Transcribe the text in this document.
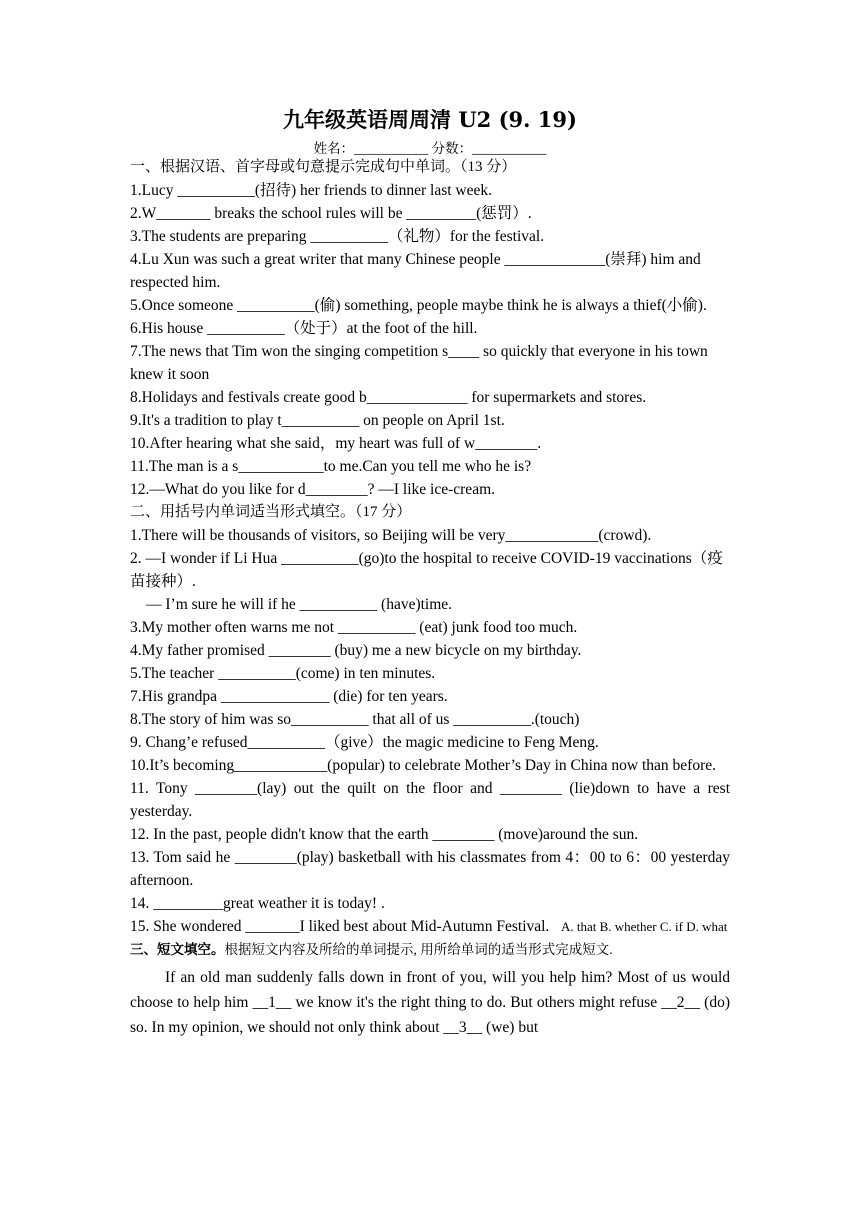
九年级英语周周清 U2 (9. 19)
姓名：___________ 分数：___________

一、根据汉语、首字母或句意提示完成句中单词。（13 分）

1.Lucy __________(招待) her friends to dinner last week.

2.W_______ breaks the school rules will be _________(惩罚）.

3.The students are preparing __________（礼物）for the festival.

4.Lu Xun was such a great writer that many Chinese people _____________(崇拜) him and respected him.

5.Once someone __________(偷) something, people maybe think he is always a thief(小偷).

6.His house __________（处于）at the foot of the hill.

7.The news that Tim won the singing competition s____ so quickly that everyone in his town knew it soon

8.Holidays and festivals create good b_____________ for supermarkets and stores.

9.It's a tradition to play t__________ on people on April 1st.

10.After hearing what she said，my heart was full of w________.

11.The man is a s___________to me.Can you tell me who he is?

12.—What do you like for d________? —I like ice-cream.

二、用括号内单词适当形式填空。（17 分）

1.There will be thousands of visitors, so Beijing will be very____________(crowd).

2. —I wonder if Li Hua __________(go)to the hospital to receive COVID-19 vaccinations（疫苗接种）.

— I’m sure he will if he __________ (have)time.

3.My mother often warns me not __________ (eat) junk food too much.

4.My father promised ________ (buy) me a new bicycle on my birthday.

5.The teacher __________(come) in ten minutes.

7.His grandpa ______________ (die) for ten years.

8.The story of him was so__________ that all of us __________.(touch)

9. Chang’e refused__________（give）the magic medicine to Feng Meng.

10.It’s becoming____________(popular) to celebrate Mother’s Day in China now than before.

11. Tony ________(lay) out the quilt on the floor and ________ (lie)down to have a rest yesterday.

12. In the past, people didn't know that the earth ________ (move)around the sun.

13. Tom said he ________(play) basketball with his classmates from 4：00 to 6：00 yesterday afternoon.

14. _________great weather it is today! .

15. She wondered _______I liked best about Mid-Autumn Festival. A. that B. whether C. if D. what

三、短文填空。根据短文内容及所给的单词提示, 用所给单词的适当形式完成短文.

If an old man suddenly falls down in front of you, will you help him? Most of us would choose to help him __1__ we know it's the right thing to do. But others might refuse __2__ (do) so. In my opinion, we should not only think about __3__ (we) but
